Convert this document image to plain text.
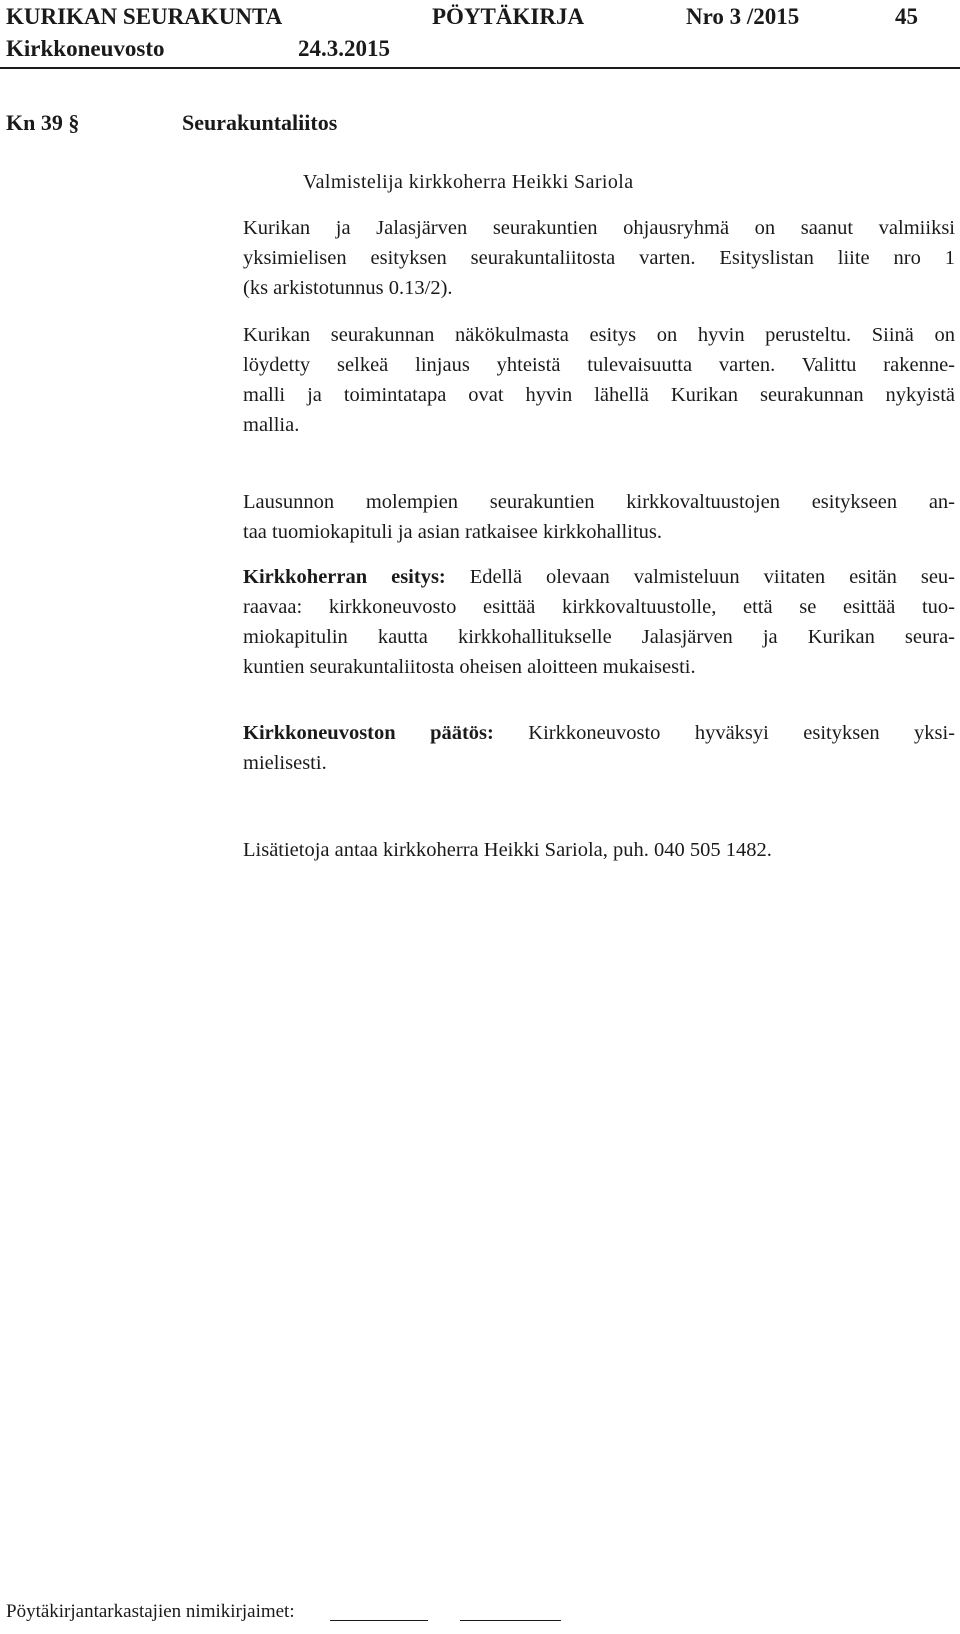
KURIKAN SEURAKUNTA	PÖYTÄKIRJA	Nro 3 /2015	45
Kirkkoneuvosto	24.3.2015
Kn 39 §	Seurakuntaliitos
Valmistelija kirkkoherra Heikki Sariola
Kurikan ja Jalasjärven seurakuntien ohjausryhmä on saanut valmiiksi
yksimielisen esityksen seurakuntaliitosta varten. Esityslistan liite nro 1
(ks arkistotunnus 0.13/2).
Kurikan seurakunnan näkökulmasta esitys on hyvin perusteltu. Siinä on
löydetty selkeä linjaus yhteistä tulevaisuutta varten. Valittu rakenne-
malli ja toimintatapa ovat hyvin lähellä Kurikan seurakunnan nykyistä
mallia.
Lausunnon molempien seurakuntien kirkkovaltuustojen esitykseen an-
taa tuomiokapituli ja asian ratkaisee kirkkohallitus.
Kirkkoherran esitys: Edellä olevaan valmisteluun viitaten esitän seu-
raavaa: kirkkoneuvosto esittää kirkkovaltuustolle, että se esittää tuo-
miokapitulin kautta kirkkohallitukselle Jalasjärven ja Kurikan seura-
kuntien seurakuntaliitosta oheisen aloitteen mukaisesti.
Kirkkoneuvoston päätös: Kirkkoneuvosto hyväksyi esityksen yksi-
mielisesti.
Lisätietoja antaa kirkkoherra Heikki Sariola, puh. 040 505 1482.
Pöytäkirjantarkastajien nimikirjaimet:
